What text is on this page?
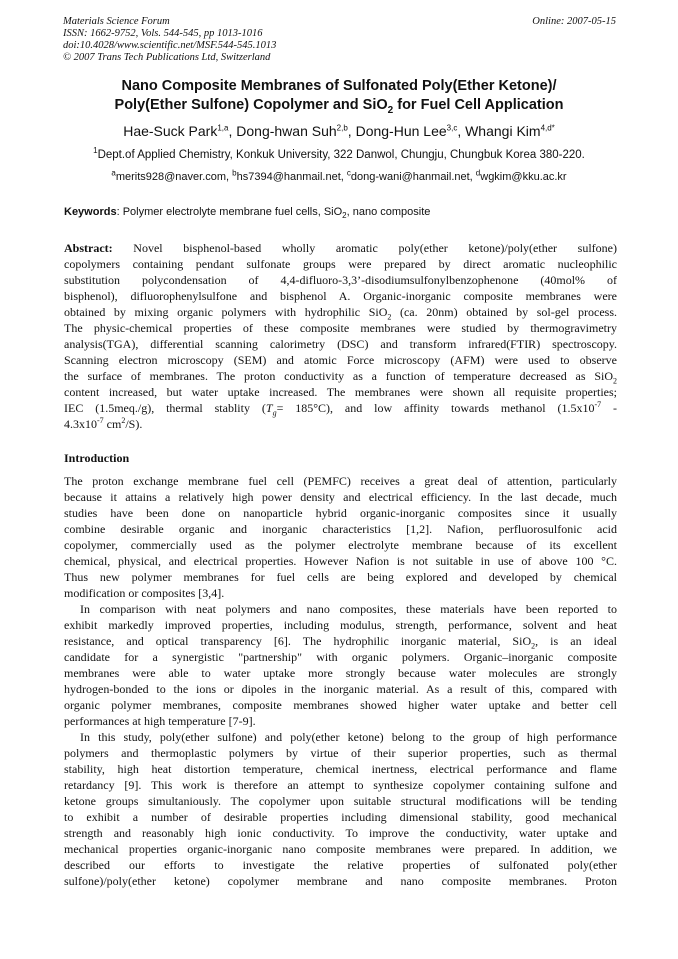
Materials Science Forum
ISSN: 1662-9752, Vols. 544-545, pp 1013-1016
doi:10.4028/www.scientific.net/MSF.544-545.1013
© 2007 Trans Tech Publications Ltd, Switzerland
Online: 2007-05-15
Nano Composite Membranes of Sulfonated Poly(Ether Ketone)/
Poly(Ether Sulfone) Copolymer and SiO$_2$ for Fuel Cell Application
Hae-Suck Park$^{1,a}$, Dong-hwan Suh$^{2,b}$, Dong-Hun Lee$^{3,c}$, Whangi Kim$^{4,d*}$
$^1$Dept.of Applied Chemistry, Konkuk University, 322 Danwol, Chungju, Chungbuk Korea 380-220.
$^a$merits928@naver.com, $^b$hs7394@hanmail.net, $^c$dong-wani@hanmail.net, $^d$wgkim@kku.ac.kr
Keywords: Polymer electrolyte membrane fuel cells, SiO$_2$, nano composite
Abstract: Novel bisphenol-based wholly aromatic poly(ether ketone)/poly(ether sulfone)
copolymers containing pendant sulfonate groups were prepared by direct aromatic nucleophilic
substitution polycondensation of 4,4-difluoro-3,3’-disodiumsulfonylbenzophenone (40mol% of
bisphenol), difluorophenylsulfone and bisphenol A. Organic-inorganic composite membranes were
obtained by mixing organic polymers with hydrophilic SiO$_2$ (ca. 20nm) obtained by sol-gel process.
The physic-chemical properties of these composite membranes were studied by thermogravimetry
analysis(TGA), differential scanning calorimetry (DSC) and transform infrared(FTIR) spectroscopy.
Scanning electron microscopy (SEM) and atomic Force microscopy (AFM) were used to observe
the surface of membranes. The proton conductivity as a function of temperature decreased as SiO$_2$
content increased, but water uptake increased. The membranes were shown all requisite properties;
IEC (1.5meq./g), thermal stablity $(T_g= 185^\circ C)$, and low affinity towards methanol ($1.5x10^{-7}$ -
$4.3x10^{-7}$ $cm^2/S$).
Introduction
The proton exchange membrane fuel cell (PEMFC) receives a great deal of attention, particularly
because it attains a relatively high power density and electrical efficiency. In the last decade, much
studies have been done on nanoparticle hybrid organic-inorganic composites since it usually
combine desirable organic and inorganic characteristics [1,2]. Nafion, perfluorosulfonic acid
copolymer, commercially used as the polymer electrolyte membrane because of its excellent
chemical, physical, and electrical properties. However Nafion is not suitable in use of above 100 °C.
Thus new polymer membranes for fuel cells are being explored and developed by chemical
modification or composites [3,4].
In comparison with neat polymers and nano composites, these materials have been reported to
exhibit markedly improved properties, including modulus, strength, performance, solvent and heat
resistance, and optical transparency [6]. The hydrophilic inorganic material, SiO$_2$, is an ideal
candidate for a synergistic "partnership" with organic polymers. Organic–inorganic composite
membranes were able to water uptake more strongly because water molecules are strongly
hydrogen-bonded to the ions or dipoles in the inorganic material. As a result of this, compared with
organic polymer membranes, composite membranes showed higher water uptake and better cell
performances at high temperature [7-9].
In this study, poly(ether sulfone) and poly(ether ketone) belong to the group of high performance
polymers and thermoplastic polymers by virtue of their superior properties, such as thermal
stability, high heat distortion temperature, chemical inertness, electrical performance and flame
retardancy [9]. This work is therefore an attempt to synthesize copolymer containing sulfone and
ketone groups simultaniously. The copolymer upon suitable structural modifications will be tending
to exhibit a number of desirable properties including dimensional stability, good mechanical
strength and reasonably high ionic conductivity. To improve the conductivity, water uptake and
mechanical properties organic-inorganic nano composite membranes were prepared. In addition, we
described our efforts to investigate the relative properties of sulfonated poly(ether
sulfone)/poly(ether ketone) copolymer membrane and nano composite membranes. Proton
